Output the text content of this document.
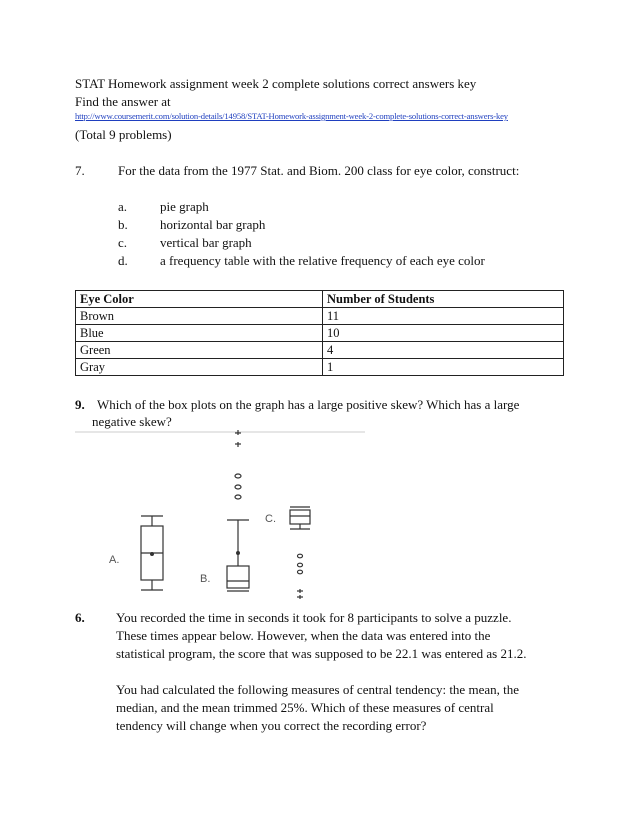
STAT Homework assignment week 2 complete solutions correct answers key
Find the answer at
http://www.coursemerit.com/solution-details/14958/STAT-Homework-assignment-week-2-complete-solutions-correct-answers-key
(Total 9 problems)
7.	For the data from the 1977 Stat. and Biom. 200 class for eye color, construct:
a.	pie graph
b. horizontal bar graph
c.	vertical bar graph
d. a frequency table with the relative frequency of each eye color
Eye Color	Number of Students
Brown	11
Blue	10
Green	4
Gray	1
9. Which of the box plots on the graph has a large positive skew? Which has a large
negative skew?
A.
B.
C.
6. You recorded the time in seconds it took for 8 participants to solve a puzzle.
These times appear below. However, when the data was entered into the
statistical program, the score that was supposed to be 22.1 was entered as 21.2.
You had calculated the following measures of central tendency: the mean, the
median, and the mean trimmed 25%. Which of these measures of central
tendency will change when you correct the recording error?
